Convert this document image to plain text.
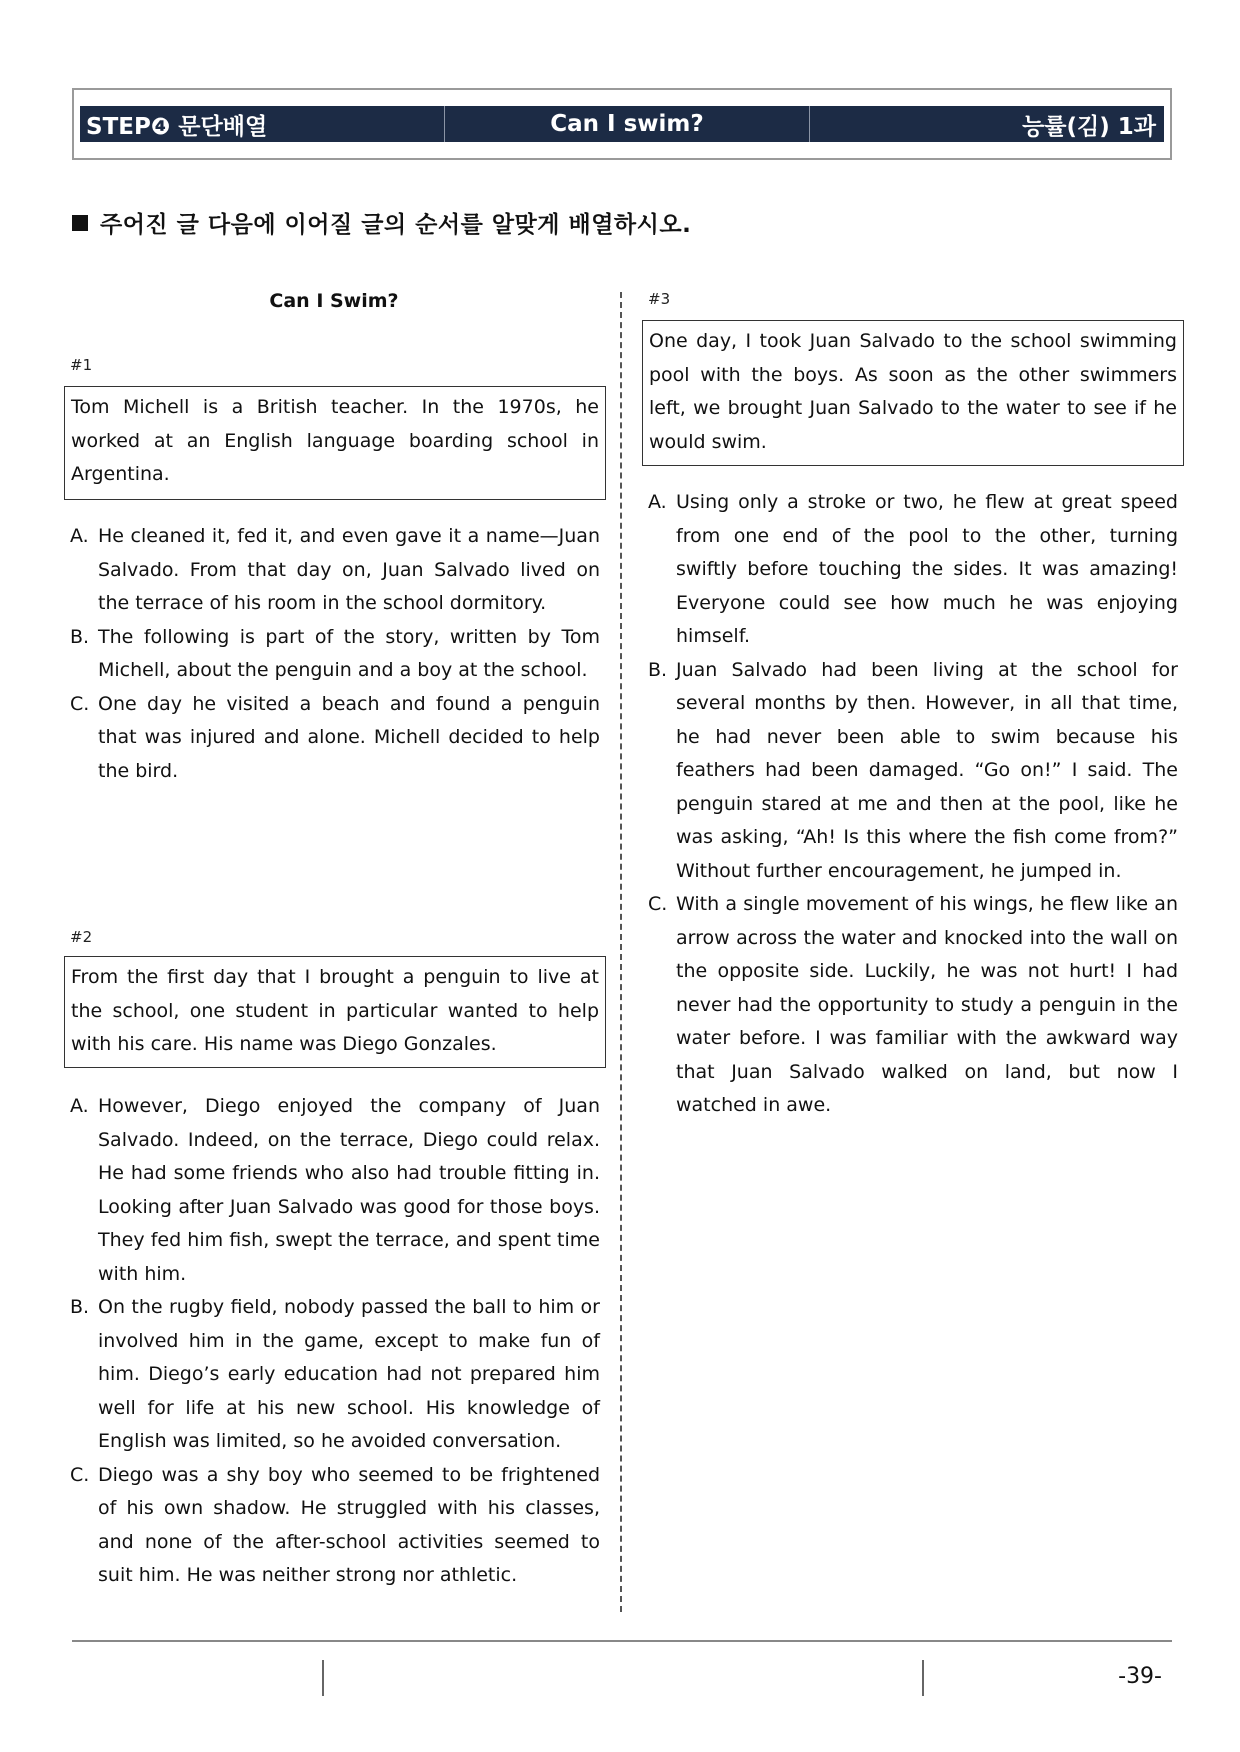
STEP❹ 문단배열	Can I swim?	능률(김) 1과
주어진 글 다음에 이어질 글의 순서를 알맞게 배열하시오.
Can I Swim?
#1
Tom Michell is a British teacher. In the 1970s, he worked at an English language boarding school in Argentina.
A. He cleaned it, fed it, and even gave it a name—Juan Salvado. From that day on, Juan Salvado lived on the terrace of his room in the school dormitory.
B. The following is part of the story, written by Tom Michell, about the penguin and a boy at the school.
C. One day he visited a beach and found a penguin that was injured and alone. Michell decided to help the bird.
#2
From the first day that I brought a penguin to live at the school, one student in particular wanted to help with his care. His name was Diego Gonzales.
A. However, Diego enjoyed the company of Juan Salvado. Indeed, on the terrace, Diego could relax. He had some friends who also had trouble fitting in. Looking after Juan Salvado was good for those boys. They fed him fish, swept the terrace, and spent time with him.
B. On the rugby field, nobody passed the ball to him or involved him in the game, except to make fun of him. Diego’s early education had not prepared him well for life at his new school. His knowledge of English was limited, so he avoided conversation.
C. Diego was a shy boy who seemed to be frightened of his own shadow. He struggled with his classes, and none of the after-school activities seemed to suit him. He was neither strong nor athletic.
#3
One day, I took Juan Salvado to the school swimming pool with the boys. As soon as the other swimmers left, we brought Juan Salvado to the water to see if he would swim.
A. Using only a stroke or two, he flew at great speed from one end of the pool to the other, turning swiftly before touching the sides. It was amazing! Everyone could see how much he was enjoying himself.
B. Juan Salvado had been living at the school for several months by then. However, in all that time, he had never been able to swim because his feathers had been damaged. “Go on!” I said. The penguin stared at me and then at the pool, like he was asking, “Ah! Is this where the fish come from?” Without further encouragement, he jumped in.
C. With a single movement of his wings, he flew like an arrow across the water and knocked into the wall on the opposite side. Luckily, he was not hurt! I had never had the opportunity to study a penguin in the water before. I was familiar with the awkward way that Juan Salvado walked on land, but now I watched in awe.
-39-
